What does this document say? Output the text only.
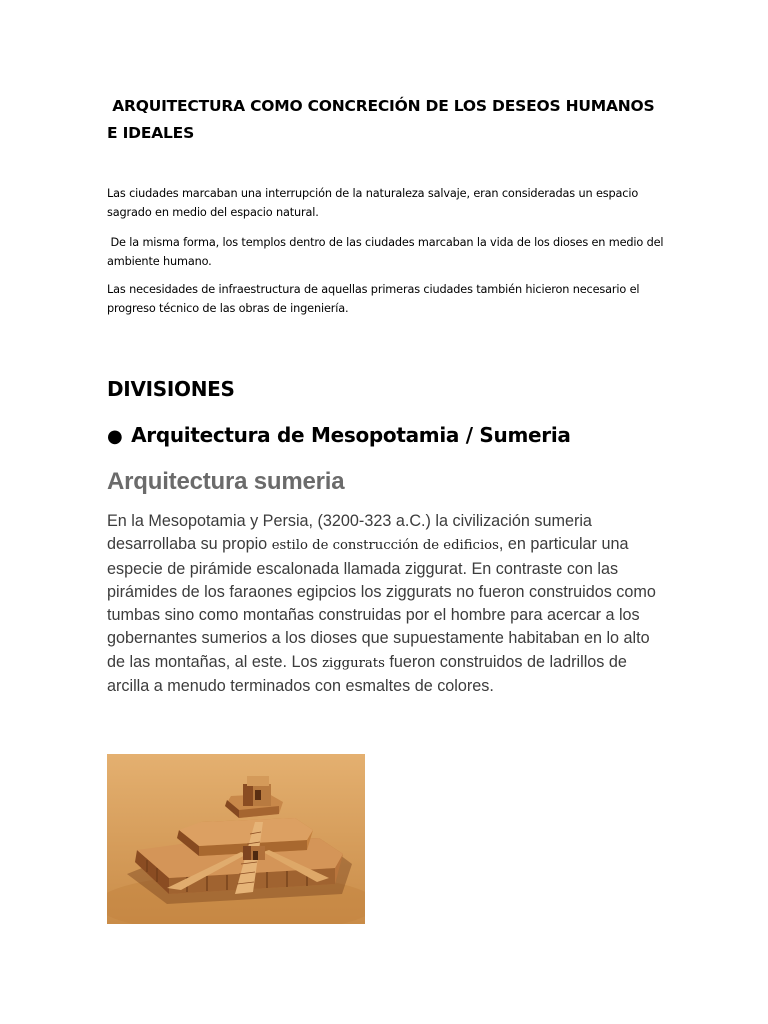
ARQUITECTURA COMO CONCRECIÓN DE LOS DESEOS HUMANOS E IDEALES

Las ciudades marcaban una interrupción de la naturaleza salvaje, eran consideradas un espacio sagrado en medio del espacio natural.

De la misma forma, los templos dentro de las ciudades marcaban la vida de los dioses en medio del ambiente humano.

Las necesidades de infraestructura de aquellas primeras ciudades también hicieron necesario el progreso técnico de las obras de ingeniería.

DIVISIONES
● Arquitectura de Mesopotamia / Sumeria
Arquitectura sumeria

En la Mesopotamia y Persia, (3200-323 a.C.) la civilización sumeria desarrollaba su propio estilo de construcción de edificios, en particular una especie de pirámide escalonada llamada ziggurat. En contraste con las pirámides de los faraones egipcios los ziggurats no fueron construidos como tumbas sino como montañas construidas por el hombre para acercar a los gobernantes sumerios a los dioses que supuestamente habitaban en lo alto de las montañas, al este. Los ziggurats fueron construidos de ladrillos de arcilla a menudo terminados con esmaltes de colores.
